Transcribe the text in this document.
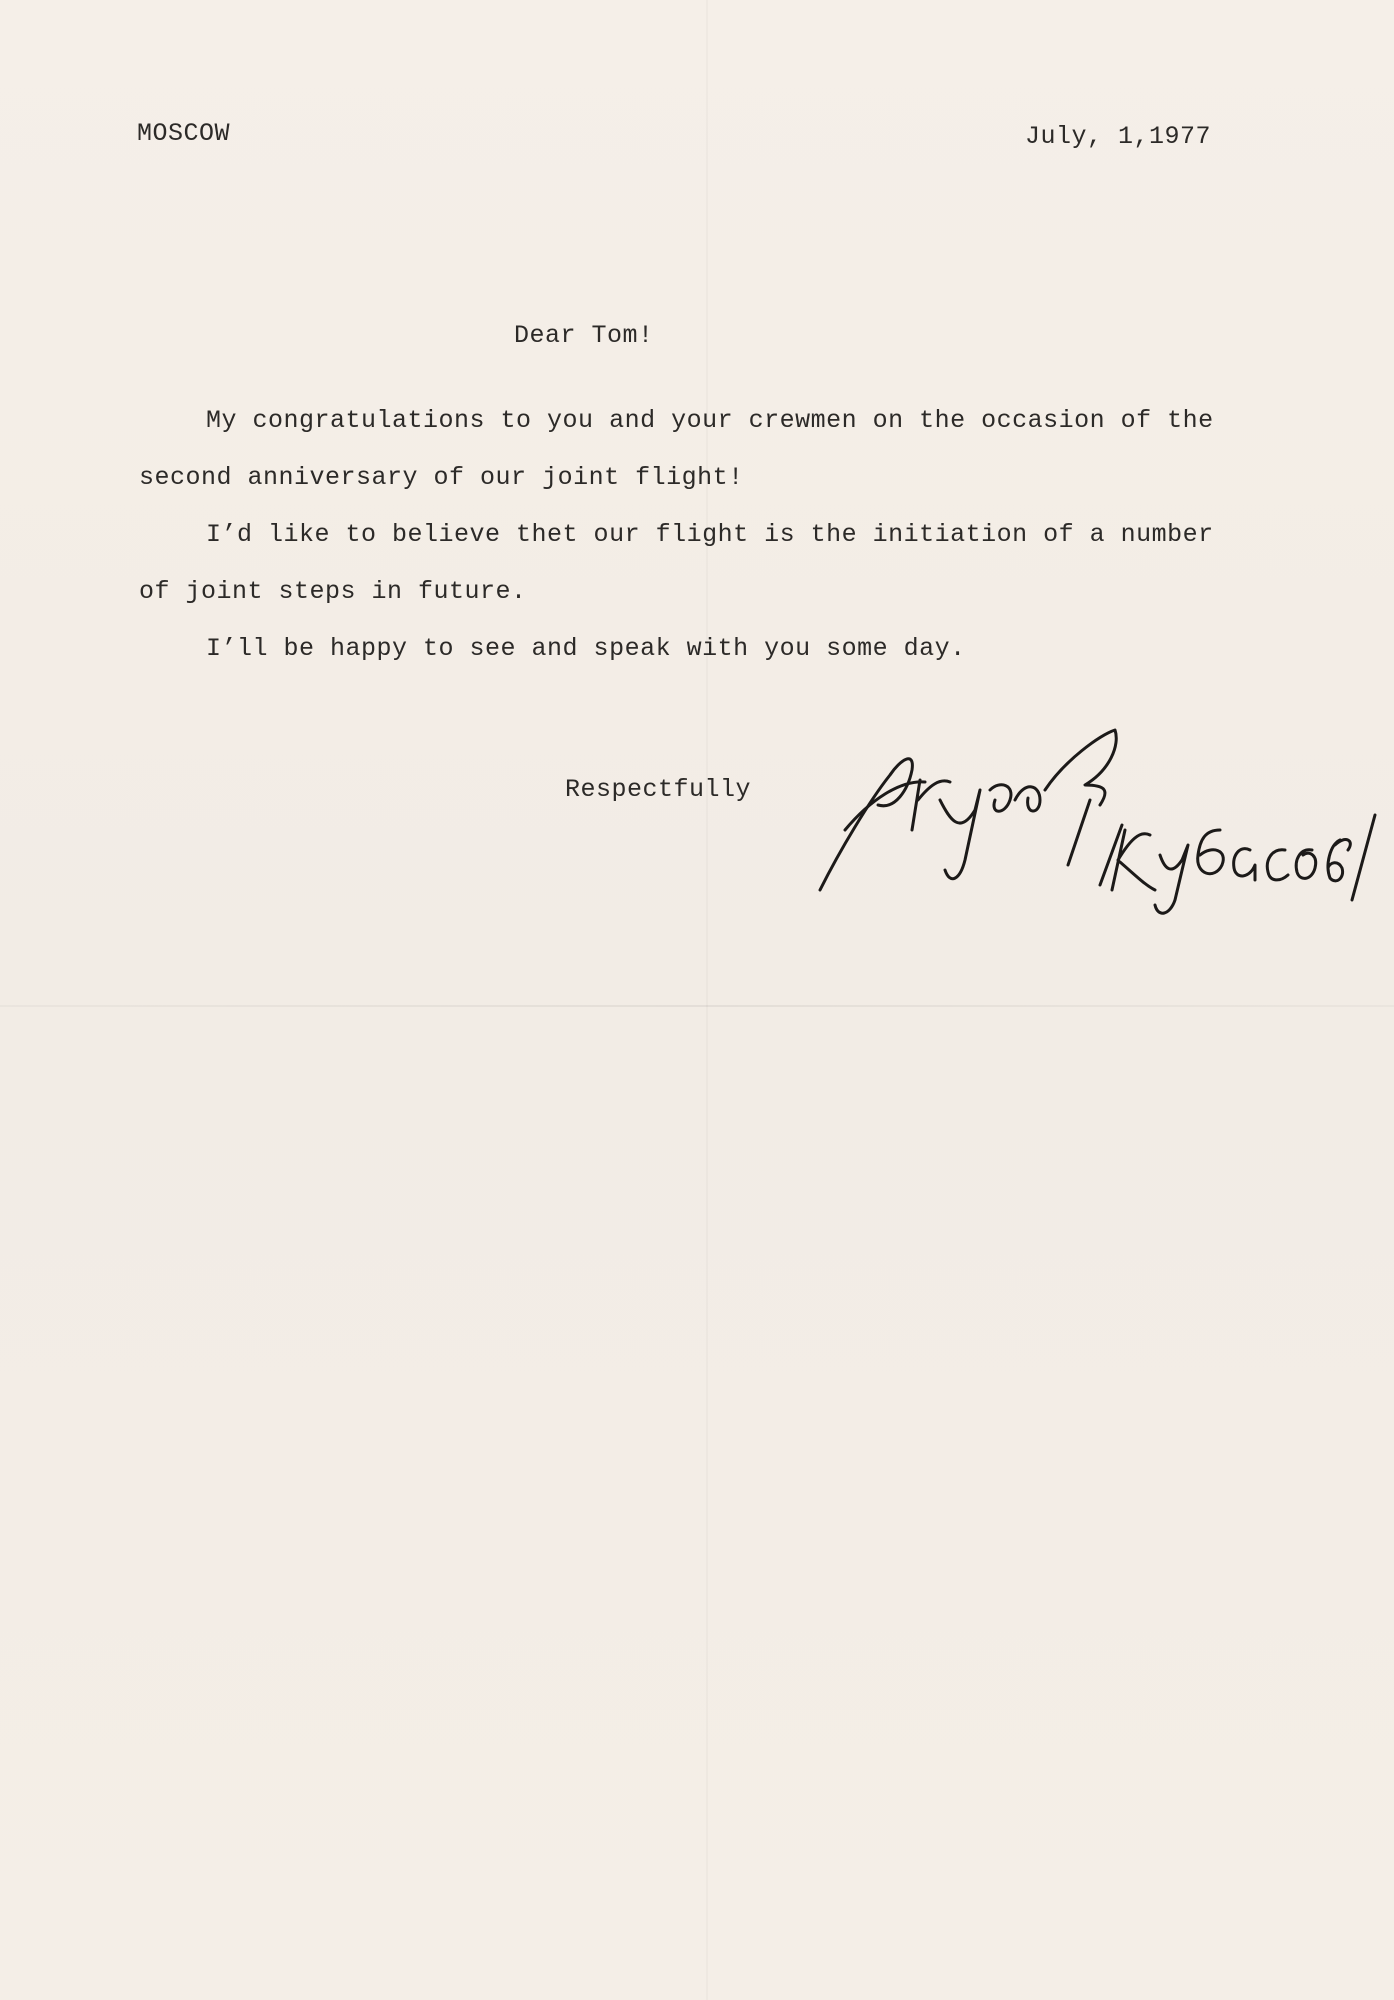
MOSCOW	July, 1,1977
Dear Tom!
My congratulations to you and your crewmen on the occasion of the
second anniversary of our joint flight!
I’d like to believe thet our flight is the initiation of a number
of joint steps in future.
I’ll be happy to see and speak with you some day.
Respectfully
/Кубасов/
